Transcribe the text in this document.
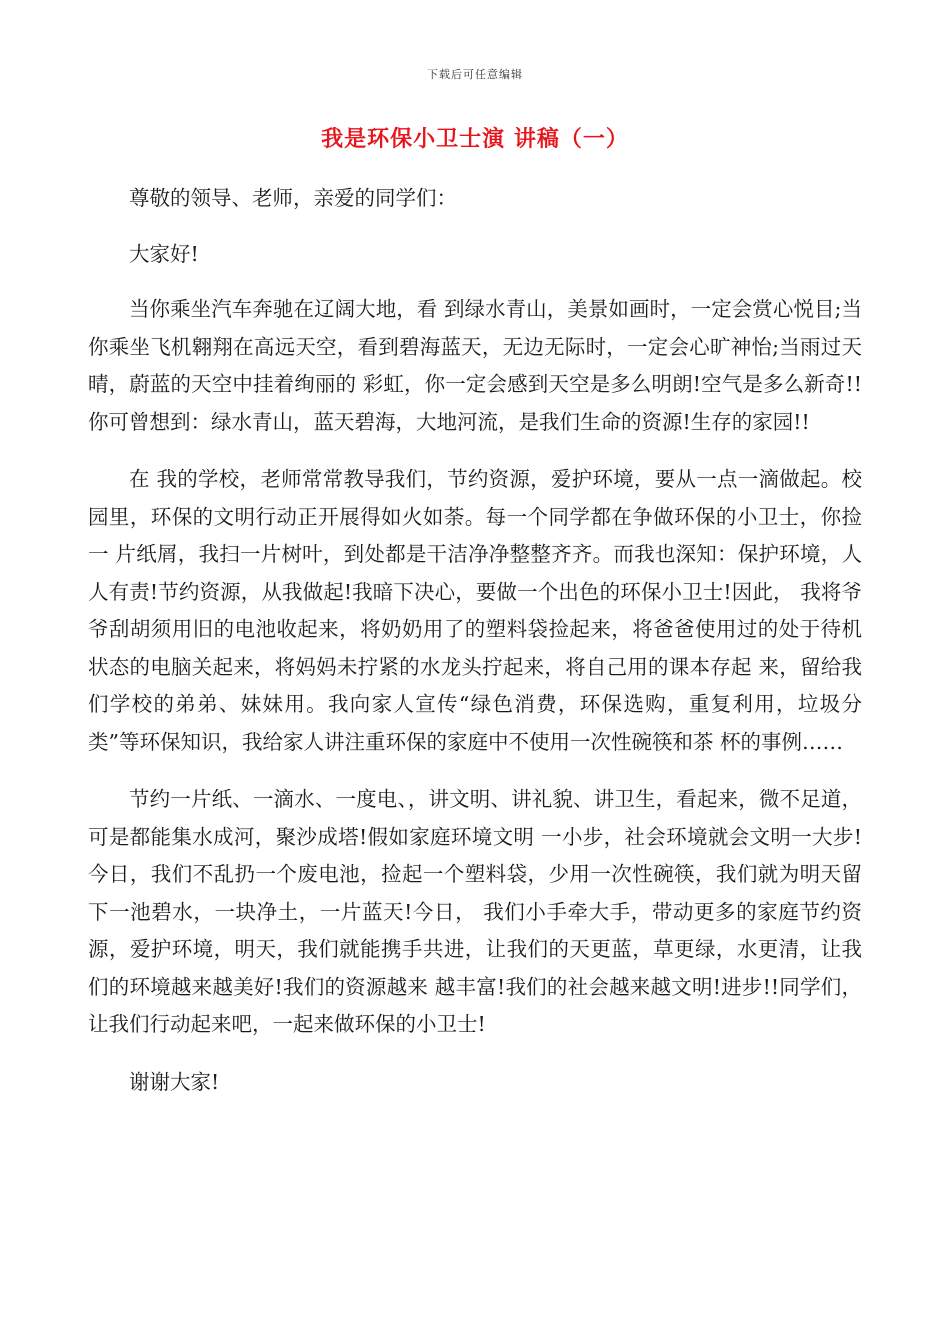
下载后可任意编辑
我是环保小卫士演 讲稿（一）

尊敬的领导、老师，亲爱的同学们：

大家好!

当你乘坐汽车奔驰在辽阔大地，看 到绿水青山，美景如画时，一定会赏心悦目;当你乘坐飞机翱翔在高远天空，看到碧海蓝天，无边无际时，一定会心旷神怡;当雨过天晴，蔚蓝的天空中挂着绚丽的 彩虹，你一定会感到天空是多么明朗!空气是多么新奇!!你可曾想到：绿水青山，蓝天碧海，大地河流，是我们生命的资源!生存的家园!!

在 我的学校，老师常常教导我们，节约资源，爱护环境，要从一点一滴做起。校园里，环保的文明行动正开展得如火如荼。每一个同学都在争做环保的小卫士，你捡一 片纸屑，我扫一片树叶，到处都是干洁净净整整齐齐。而我也深知：保护环境，人人有责!节约资源，从我做起!我暗下决心，要做一个出色的环保小卫士!因此， 我将爷爷刮胡须用旧的电池收起来，将奶奶用了的塑料袋捡起来，将爸爸使用过的处于待机状态的电脑关起来，将妈妈未拧紧的水龙头拧起来，将自己用的课本存起 来，留给我们学校的弟弟、妹妹用。我向家人宣传“绿色消费，环保选购，重复利用，垃圾分类”等环保知识，我给家人讲注重环保的家庭中不使用一次性碗筷和茶 杯的事例……

节约一片纸、一滴水、一度电、，讲文明、讲礼貌、讲卫生，看起来，微不足道，可是都能集水成河，聚沙成塔!假如家庭环境文明 一小步，社会环境就会文明一大步!今日，我们不乱扔一个废电池，捡起一个塑料袋，少用一次性碗筷，我们就为明天留下一池碧水，一块净土，一片蓝天!今日， 我们小手牵大手，带动更多的家庭节约资源，爱护环境，明天，我们就能携手共进，让我们的天更蓝，草更绿，水更清，让我们的环境越来越美好!我们的资源越来 越丰富!我们的社会越来越文明!进步!!同学们，让我们行动起来吧，一起来做环保的小卫士!

谢谢大家!
